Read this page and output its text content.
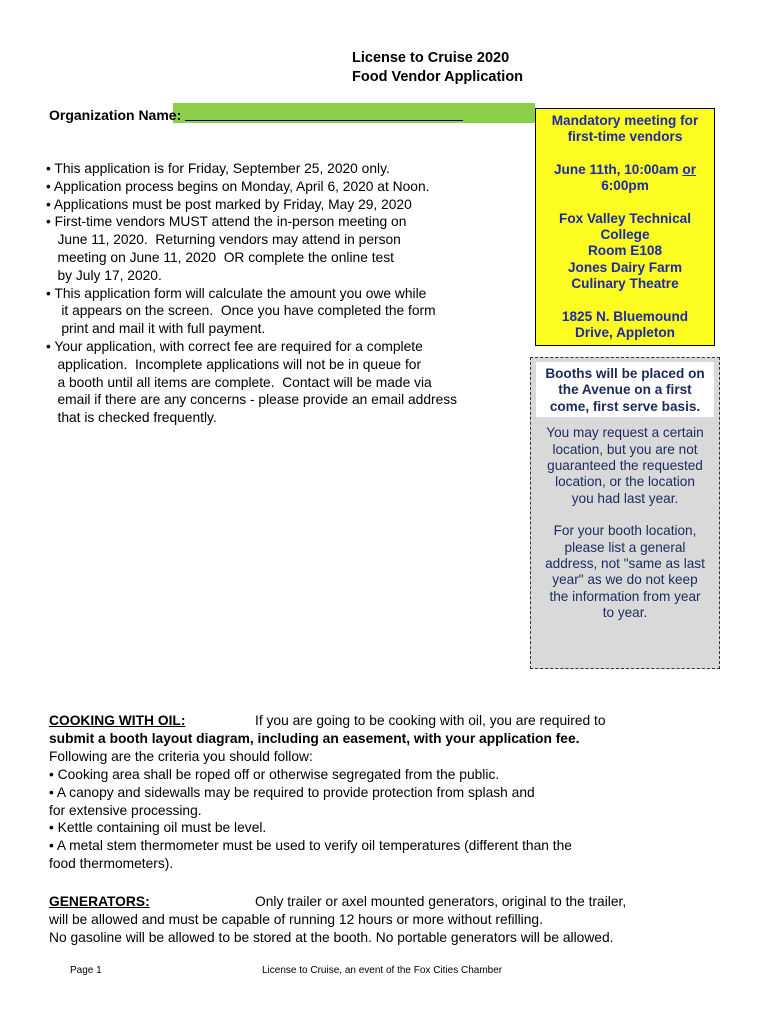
License to Cruise 2020
Food Vendor Application
Organization Name:
• This application is for Friday, September 25, 2020 only.
• Application process begins on Monday, April 6, 2020 at Noon.
• Applications must be post marked by Friday, May 29, 2020
• First-time vendors MUST attend the in-person meeting on
June 11, 2020.  Returning vendors may attend in person
meeting on June 11, 2020  OR complete the online test
by July 17, 2020.
• This application form will calculate the amount you owe while
it appears on the screen.  Once you have completed the form
print and mail it with full payment.
• Your application, with correct fee are required for a complete
application.  Incomplete applications will not be in queue for
a booth until all items are complete.  Contact will be made via
email if there are any concerns - please provide an email address
that is checked frequently.
Mandatory meeting for
first-time vendors
June 11th, 10:00am or
6:00pm
Fox Valley Technical
College
Room E108
Jones Dairy Farm
Culinary Theatre
1825 N. Bluemound
Drive, Appleton
Booths will be placed on
the Avenue on a first
come, first serve basis.
You may request a certain
location, but you are not
guaranteed the requested
location, or the location
you had last year.
For your booth location,
please list a general
address, not "same as last
year" as we do not keep
the information from year
to year.
COOKING WITH OIL:	If you are going to be cooking with oil, you are required to
submit a booth layout diagram, including an easement, with your application fee.
Following are the criteria you should follow:
• Cooking area shall be roped off or otherwise segregated from the public.
• A canopy and sidewalls may be required to provide protection from splash and
for extensive processing.
• Kettle containing oil must be level.
• A metal stem thermometer must be used to verify oil temperatures (different than the
food thermometers).
GENERATORS:	Only trailer or axel mounted generators, original to the trailer,
will be allowed and must be capable of running 12 hours or more without refilling.
No gasoline will be allowed to be stored at the booth. No portable generators will be allowed.
Page 1	License to Cruise, an event of the Fox Cities Chamber
